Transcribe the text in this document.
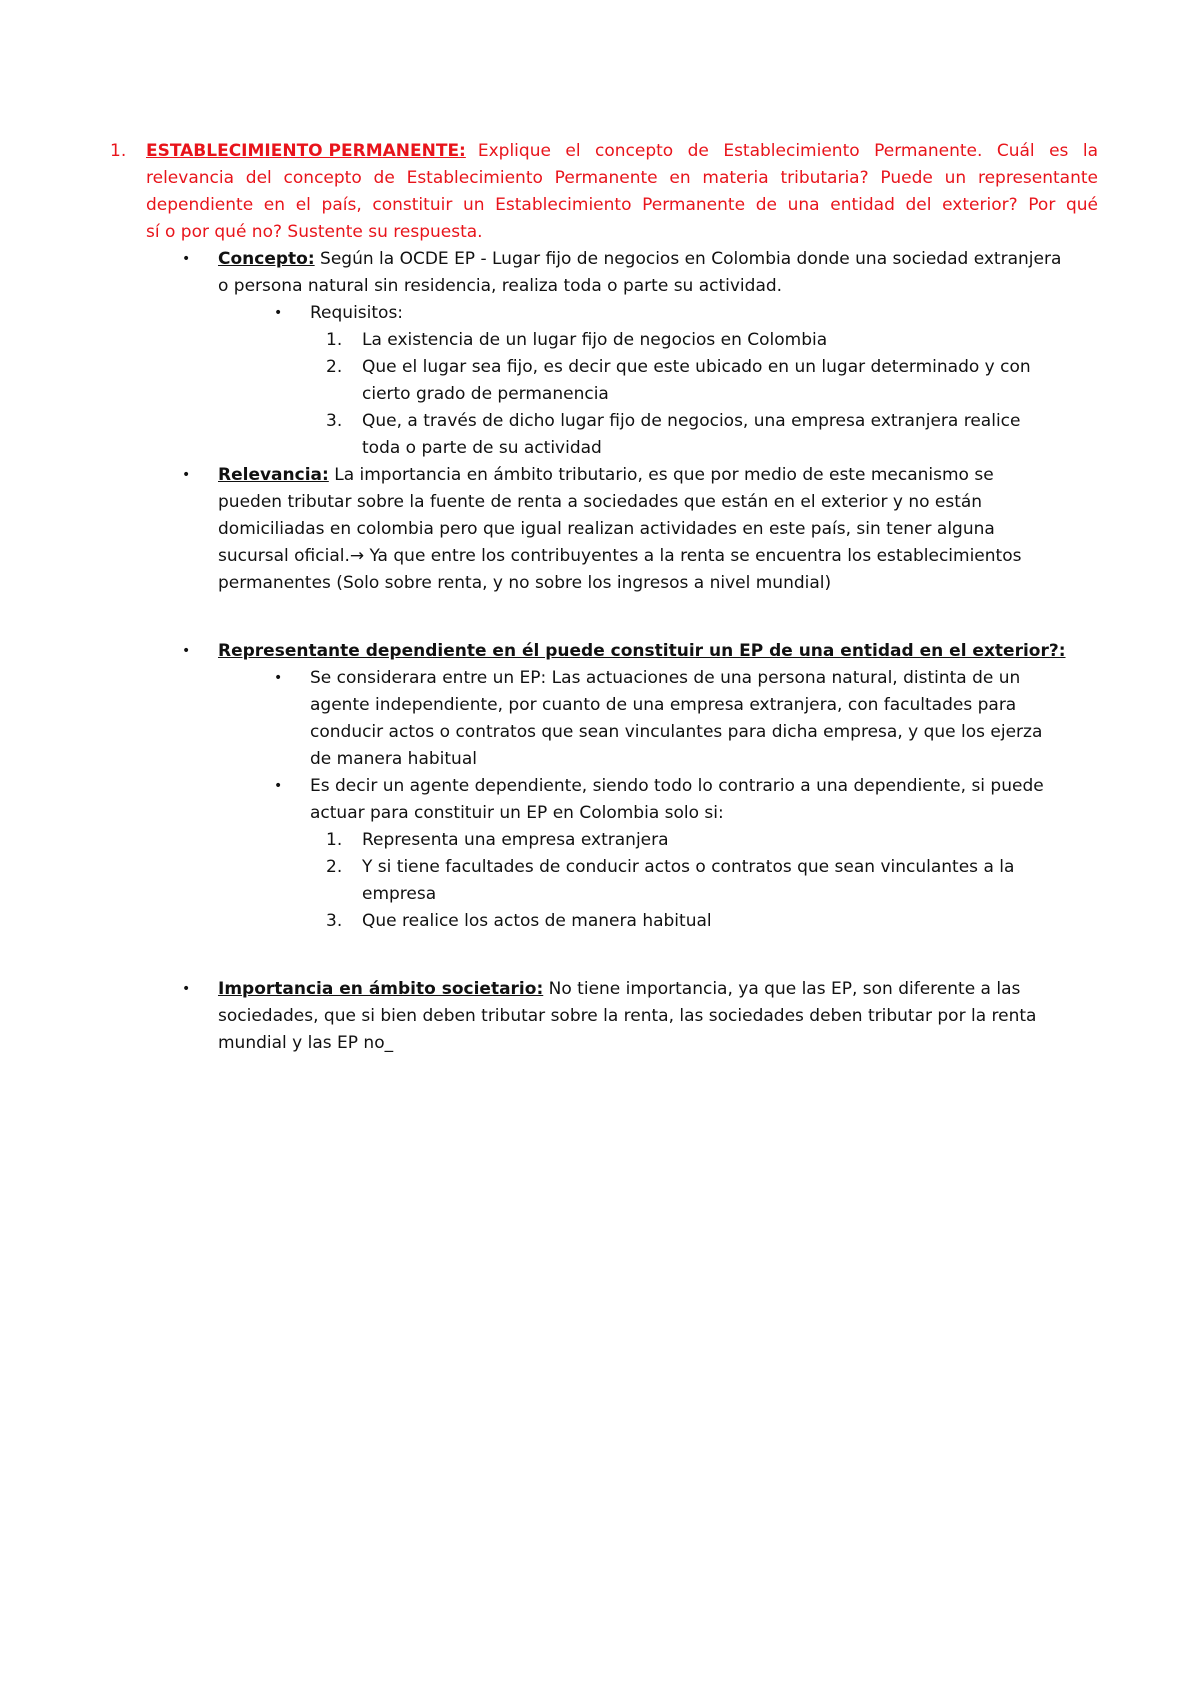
1. ESTABLECIMIENTO PERMANENTE: Explique el concepto de Establecimiento Permanente. Cuál es la
relevancia del concepto de Establecimiento Permanente en materia tributaria? Puede un representante
dependiente en el país, constituir un Establecimiento Permanente de una entidad del exterior? Por qué
sí o por qué no? Sustente su respuesta.
• Concepto: Según la OCDE EP - Lugar fijo de negocios en Colombia donde una sociedad extranjera
o persona natural sin residencia, realiza toda o parte su actividad.
• Requisitos:
1. La existencia de un lugar fijo de negocios en Colombia
2. Que el lugar sea fijo, es decir que este ubicado en un lugar determinado y con
cierto grado de permanencia
3. Que, a través de dicho lugar fijo de negocios, una empresa extranjera realice
toda o parte de su actividad
• Relevancia: La importancia en ámbito tributario, es que por medio de este mecanismo se
pueden tributar sobre la fuente de renta a sociedades que están en el exterior y no están
domiciliadas en colombia pero que igual realizan actividades en este país, sin tener alguna
sucursal oficial.→ Ya que entre los contribuyentes a la renta se encuentra los establecimientos
permanentes (Solo sobre renta, y no sobre los ingresos a nivel mundial)
• Representante dependiente en él puede constituir un EP de una entidad en el exterior?:
• Se considerara entre un EP: Las actuaciones de una persona natural, distinta de un
agente independiente, por cuanto de una empresa extranjera, con facultades para
conducir actos o contratos que sean vinculantes para dicha empresa, y que los ejerza
de manera habitual
• Es decir un agente dependiente, siendo todo lo contrario a una dependiente, si puede
actuar para constituir un EP en Colombia solo si:
1. Representa una empresa extranjera
2. Y si tiene facultades de conducir actos o contratos que sean vinculantes a la
empresa
3. Que realice los actos de manera habitual
• Importancia en ámbito societario: No tiene importancia, ya que las EP, son diferente a las
sociedades, que si bien deben tributar sobre la renta, las sociedades deben tributar por la renta
mundial y las EP no_
